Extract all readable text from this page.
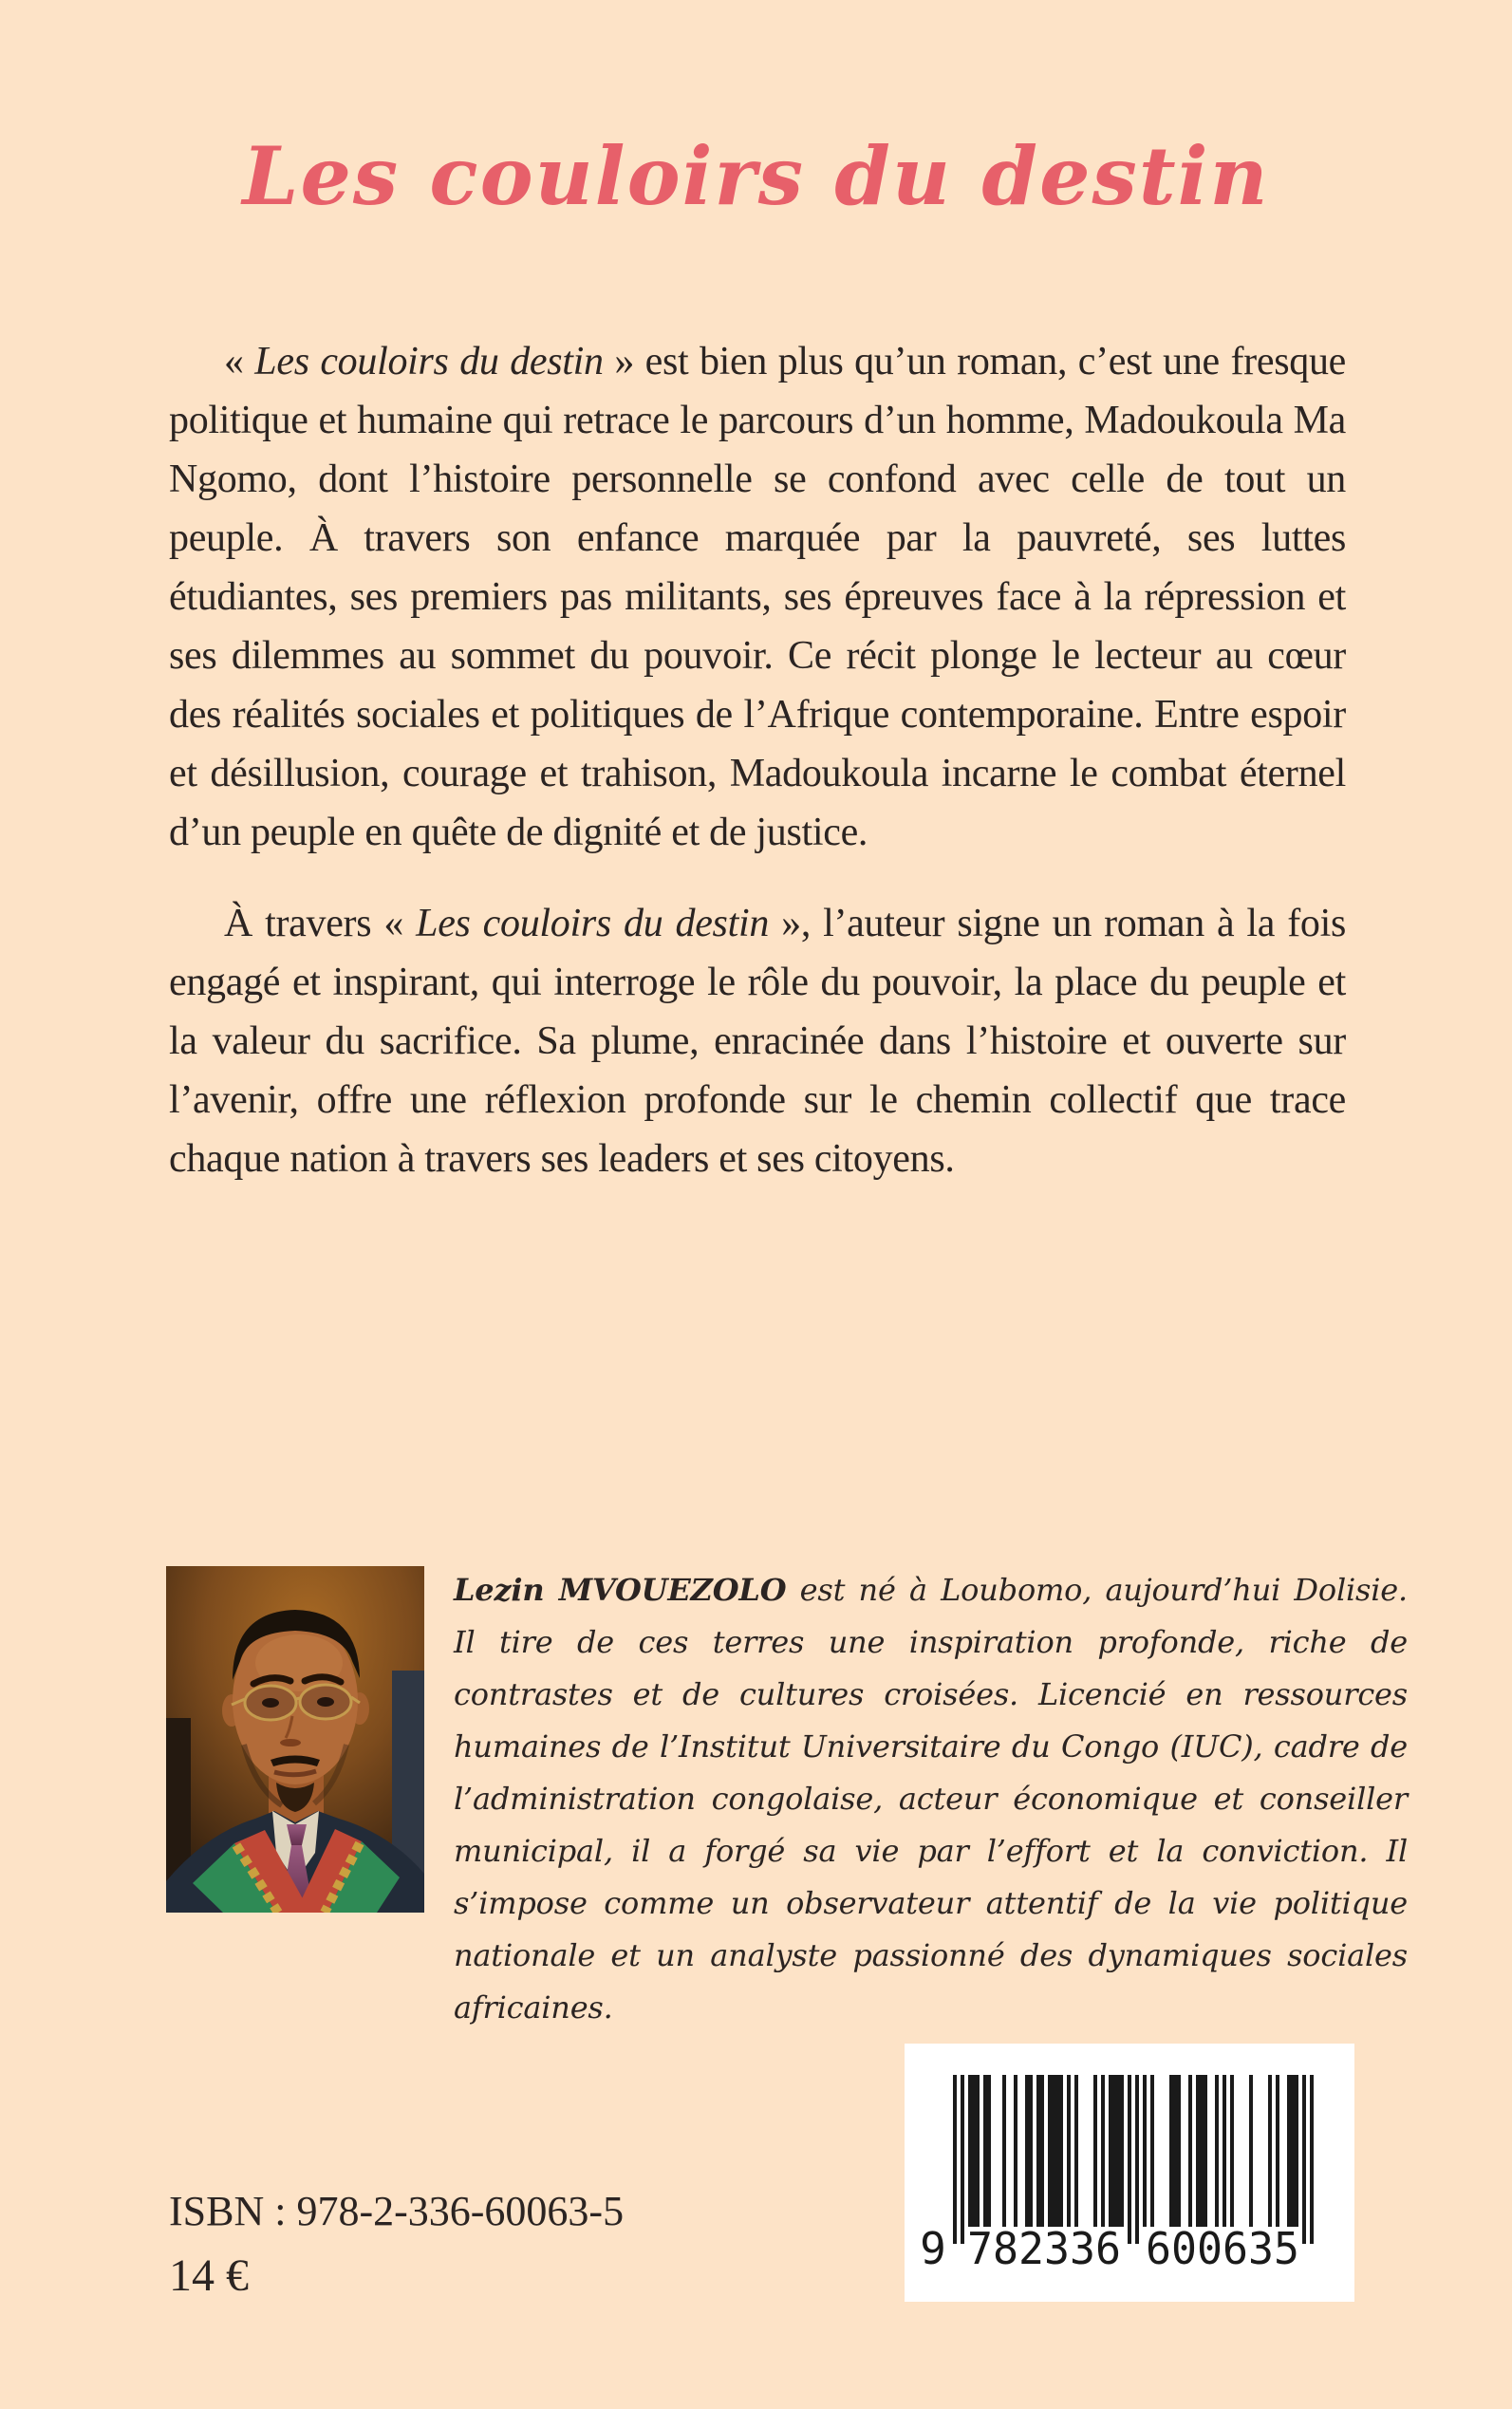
Les couloirs du destin

« Les couloirs du destin » est bien plus qu’un roman, c’est une fresque politique et humaine qui retrace le parcours d’un homme, Madoukoula Ma Ngomo, dont l’histoire personnelle se confond avec celle de tout un peuple. À travers son enfance marquée par la pauvreté, ses luttes étudiantes, ses premiers pas militants, ses épreuves face à la répression et ses dilemmes au sommet du pouvoir. Ce récit plonge le lecteur au cœur des réalités sociales et politiques de l’Afrique contemporaine. Entre espoir et désillusion, courage et trahison, Madoukoula incarne le combat éternel d’un peuple en quête de dignité et de justice.

À travers « Les couloirs du destin », l’auteur signe un roman à la fois engagé et inspirant, qui interroge le rôle du pouvoir, la place du peuple et la valeur du sacrifice. Sa plume, enracinée dans l’histoire et ouverte sur l’avenir, offre une réflexion profonde sur le chemin collectif que trace chaque nation à travers ses leaders et ses citoyens.

Lezin MVOUEZOLO est né à Loubomo, aujourd’hui Dolisie. Il tire de ces terres une inspiration profonde, riche de contrastes et de cultures croisées. Licencié en ressources humaines de l’Institut Universitaire du Congo (IUC), cadre de l’administration congolaise, acteur économique et conseiller municipal, il a forgé sa vie par l’effort et la conviction. Il s’impose comme un observateur attentif de la vie politique nationale et un analyste passionné des dynamiques sociales africaines.

9 782336 600635
ISBN : 978-2-336-60063-5
14 €
